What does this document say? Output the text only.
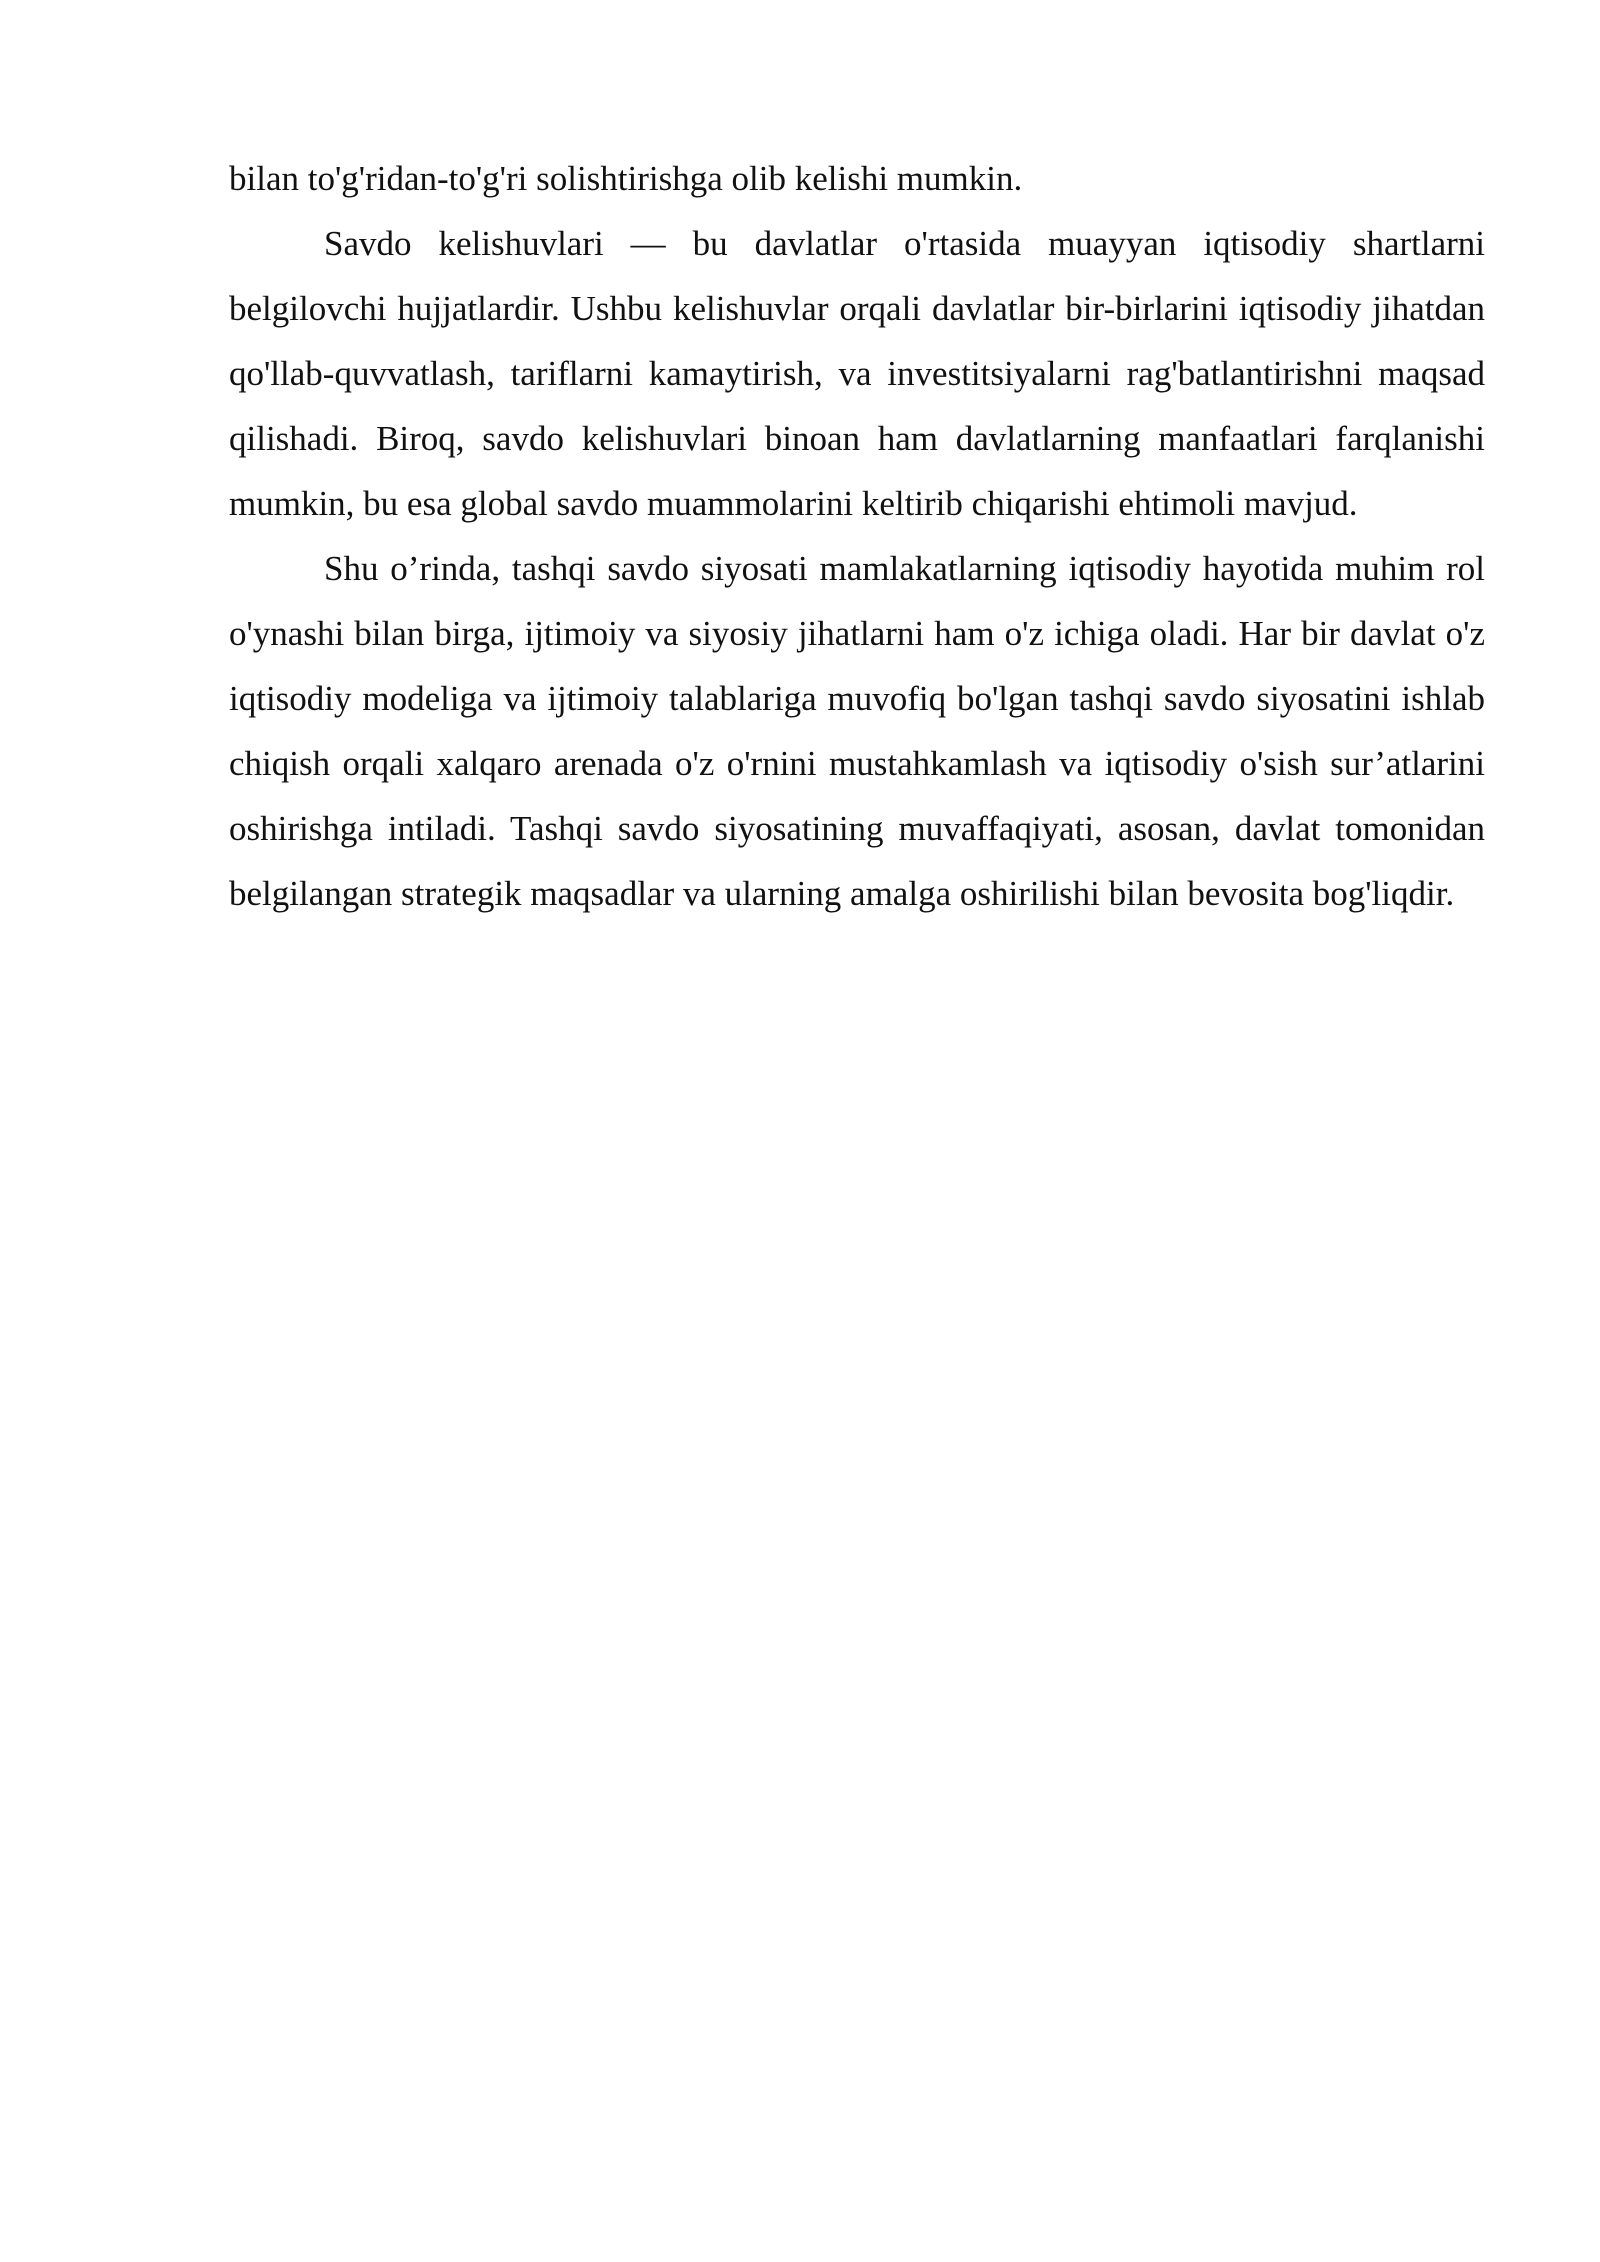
bilan to'g'ridan-to'g'ri solishtirishga olib kelishi mumkin.

Savdo kelishuvlari — bu davlatlar o'rtasida muayyan iqtisodiy shartlarni belgilovchi hujjatlardir. Ushbu kelishuvlar orqali davlatlar bir-birlarini iqtisodiy jihatdan qo'llab-quvvatlash, tariflarni kamaytirish, va investitsiyalarni rag'batlantirishni maqsad qilishadi. Biroq, savdo kelishuvlari binoan ham davlatlarning manfaatlari farqlanishi mumkin, bu esa global savdo muammolarini keltirib chiqarishi ehtimoli mavjud.

Shu o’rinda, tashqi savdo siyosati mamlakatlarning iqtisodiy hayotida muhim rol o'ynashi bilan birga, ijtimoiy va siyosiy jihatlarni ham o'z ichiga oladi. Har bir davlat o'z iqtisodiy modeliga va ijtimoiy talablariga muvofiq bo'lgan tashqi savdo siyosatini ishlab chiqish orqali xalqaro arenada o'z o'rnini mustahkamlash va iqtisodiy o'sish sur’atlarini oshirishga intiladi. Tashqi savdo siyosatining muvaffaqiyati, asosan, davlat tomonidan belgilangan strategik maqsadlar va ularning amalga oshirilishi bilan bevosita bog'liqdir.
